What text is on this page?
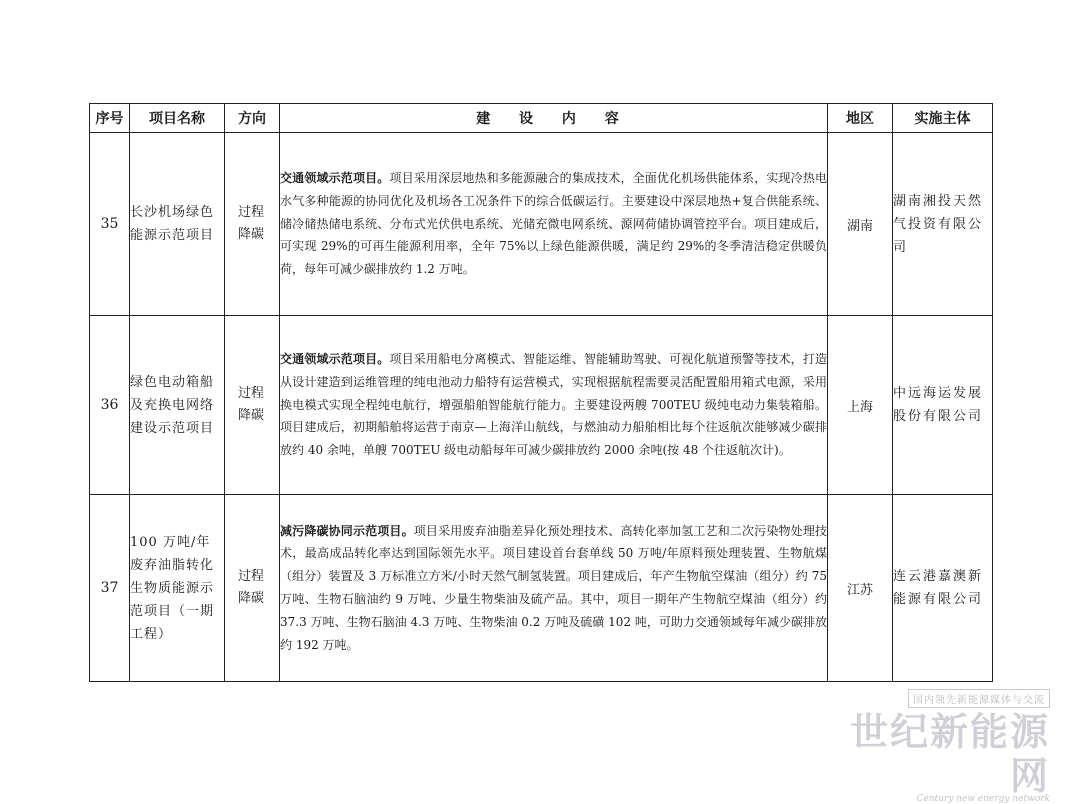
序号	项目名称	方向	建 设 内 容	地区	实施主体
35	长沙机场绿色能源示范项目	过程降碳	交通领域示范项目。项目采用深层地热和多能源融合的集成技术，全面优化机场供能体系，实现冷热电水气多种能源的协同优化及机场各工况条件下的综合低碳运行。主要建设中深层地热+复合供能系统、储冷储热储电系统、分布式光伏供电系统、光储充微电网系统、源网荷储协调管控平台。项目建成后，可实现 29%的可再生能源利用率，全年 75%以上绿色能源供暖，满足约 29%的冬季清洁稳定供暖负荷，每年可减少碳排放约 1.2 万吨。	湖南	湖南湘投天然气投资有限公司
36	绿色电动箱船及充换电网络建设示范项目	过程降碳	交通领域示范项目。项目采用船电分离模式、智能运维、智能辅助驾驶、可视化航道预警等技术，打造从设计建造到运维管理的纯电池动力船特有运营模式，实现根据航程需要灵活配置船用箱式电源，采用换电模式实现全程纯电航行，增强船舶智能航行能力。主要建设两艘 700TEU 级纯电动力集装箱船。项目建成后，初期船舶将运营于南京—上海洋山航线，与燃油动力船舶相比每个往返航次能够减少碳排放约 40 余吨，单艘 700TEU 级电动船每年可减少碳排放约 2000 余吨(按 48 个往返航次计)。	上海	中远海运发展股份有限公司
37	100 万吨/年废弃油脂转化生物质能源示范项目（一期工程）	过程降碳	减污降碳协同示范项目。项目采用废弃油脂差异化预处理技术、高转化率加氢工艺和二次污染物处理技术，最高成品转化率达到国际领先水平。项目建设首台套单线 50 万吨/年原料预处理装置、生物航煤（组分）装置及 3 万标准立方米/小时天然气制氢装置。项目建成后，年产生物航空煤油（组分）约 75 万吨、生物石脑油约 9 万吨、少量生物柴油及硫产品。其中，项目一期年产生物航空煤油（组分）约 37.3 万吨、生物石脑油 4.3 万吨、生物柴油 0.2 万吨及硫磺 102 吨，可助力交通领域每年减少碳排放约 192 万吨。	江苏	连云港嘉澳新能源有限公司
国内领先新能源媒体与交流
世纪新能源网
Century new energy network
